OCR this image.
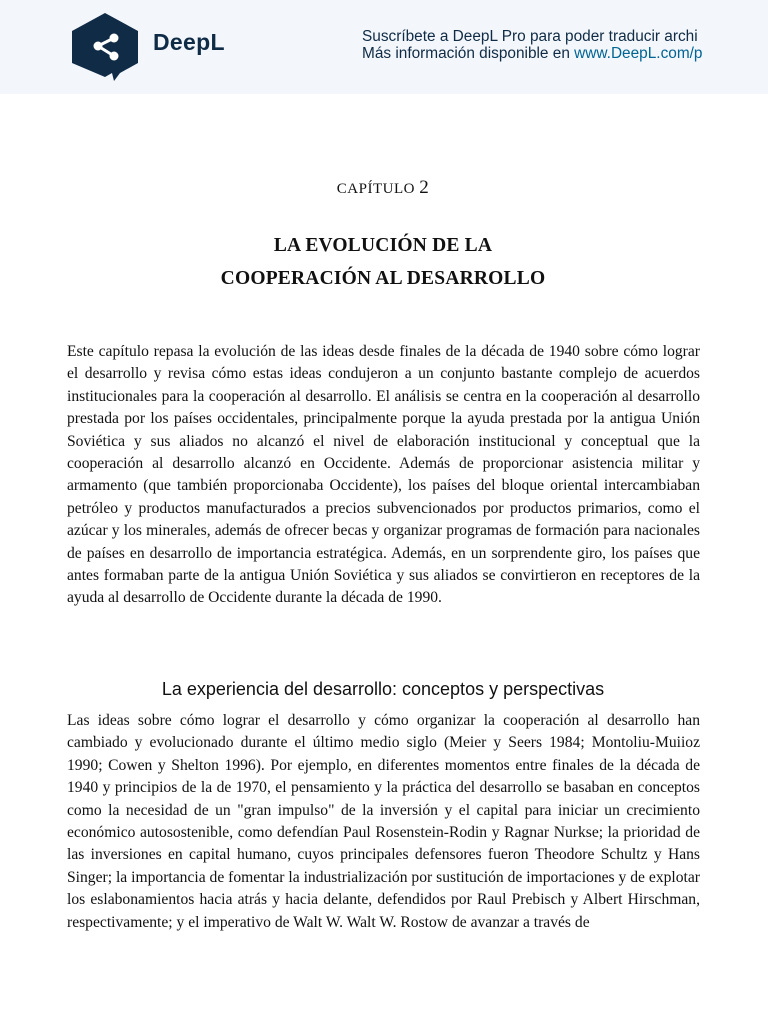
DeepL	Suscríbete a DeepL Pro para poder traducir archi
Más información disponible en www.DeepL.com/p
CAPÍTULO 2
LA EVOLUCIÓN DE LA
COOPERACIÓN AL DESARROLLO

Este capítulo repasa la evolución de las ideas desde finales de la década de 1940 sobre cómo lograr el desarrollo y revisa cómo estas ideas condujeron a un conjunto bastante complejo de acuerdos institucionales para la cooperación al desarrollo. El análisis se centra en la cooperación al desarrollo prestada por los países occidentales, principalmente porque la ayuda prestada por la antigua Unión Soviética y sus aliados no alcanzó el nivel de elaboración institucional y conceptual que la cooperación al desarrollo alcanzó en Occidente. Además de proporcionar asistencia militar y armamento (que también proporcionaba Occidente), los países del bloque oriental intercambiaban petróleo y productos manufacturados a precios subvencionados por productos primarios, como el azúcar y los minerales, además de ofrecer becas y organizar programas de formación para nacionales de países en desarrollo de importancia estratégica. Además, en un sorprendente giro, los países que antes formaban parte de la antigua Unión Soviética y sus aliados se convirtieron en receptores de la ayuda al desarrollo de Occidente durante la década de 1990.

La experiencia del desarrollo: conceptos y perspectivas

Las ideas sobre cómo lograr el desarrollo y cómo organizar la cooperación al desarrollo han cambiado y evolucionado durante el último medio siglo (Meier y Seers 1984; Montoliu-Muiioz 1990; Cowen y Shelton 1996). Por ejemplo, en diferentes momentos entre finales de la década de 1940 y principios de la de 1970, el pensamiento y la práctica del desarrollo se basaban en conceptos como la necesidad de un "gran impulso" de la inversión y el capital para iniciar un crecimiento económico autosostenible, como defendían Paul Rosenstein-Rodin y Ragnar Nurkse; la prioridad de las inversiones en capital humano, cuyos principales defensores fueron Theodore Schultz y Hans Singer; la importancia de fomentar la industrialización por sustitución de importaciones y de explotar los eslabonamientos hacia atrás y hacia delante, defendidos por Raul Prebisch y Albert Hirschman, respectivamente; y el imperativo de Walt W. Walt W. Rostow de avanzar a través de
